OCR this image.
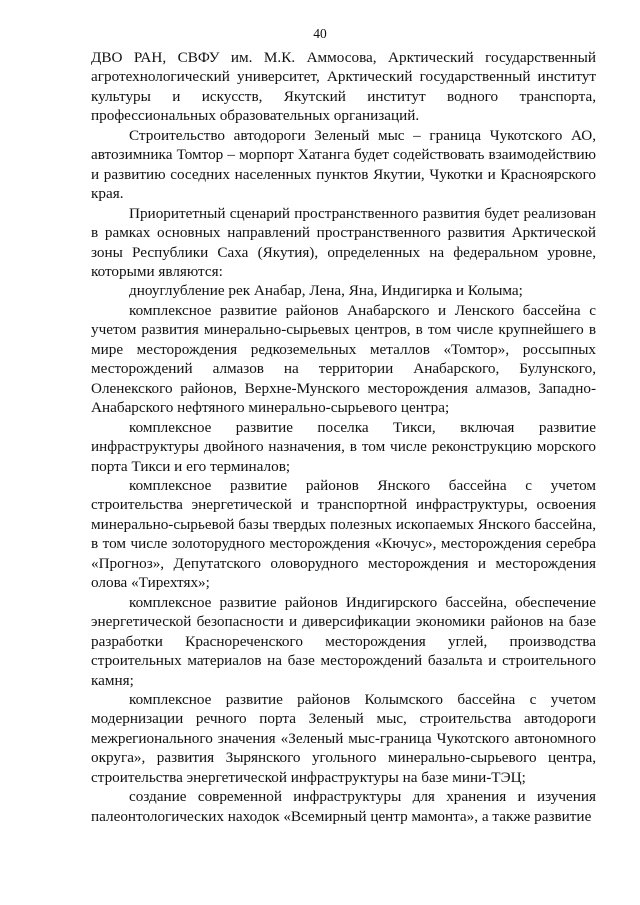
40

ДВО РАН, СВФУ им. М.К. Аммосова, Арктический государственный агротехнологический университет, Арктический государственный институт культуры и искусств, Якутский институт водного транспорта, профессиональных образовательных организаций.

Строительство автодороги Зеленый мыс – граница Чукотского АО, автозимника Томтор – морпорт Хатанга будет содействовать взаимодействию и развитию соседних населенных пунктов Якутии, Чукотки и Красноярского края.

Приоритетный сценарий пространственного развития будет реализован в рамках основных направлений пространственного развития Арктической зоны Республики Саха (Якутия), определенных на федеральном уровне, которыми являются:

дноуглубление рек Анабар, Лена, Яна, Индигирка и Колыма;

комплексное развитие районов Анабарского и Ленского бассейна с учетом развития минерально-сырьевых центров, в том числе крупнейшего в мире месторождения редкоземельных металлов «Томтор», россыпных месторождений алмазов на территории Анабарского, Булунского, Оленекского районов, Верхне-Мунского месторождения алмазов, Западно-Анабарского нефтяного минерально-сырьевого центра;

комплексное развитие поселка Тикси, включая развитие инфраструктуры двойного назначения, в том числе реконструкцию морского порта Тикси и его терминалов;

комплексное развитие районов Янского бассейна с учетом строительства энергетической и транспортной инфраструктуры, освоения минерально-сырьевой базы твердых полезных ископаемых Янского бассейна, в том числе золоторудного месторождения «Кючус», месторождения серебра «Прогноз», Депутатского оловорудного месторождения и месторождения олова «Тирехтях»;

комплексное развитие районов Индигирского бассейна, обеспечение энергетической безопасности и диверсификации экономики районов на базе разработки Краснореченского месторождения углей, производства строительных материалов на базе месторождений базальта и строительного камня;

комплексное развитие районов Колымского бассейна с учетом модернизации речного порта Зеленый мыс, строительства автодороги межрегионального значения «Зеленый мыс-граница Чукотского автономного округа», развития Зырянского угольного минерально-сырьевого центра, строительства энергетической инфраструктуры на базе мини-ТЭЦ;

создание современной инфраструктуры для хранения и изучения палеонтологических находок «Всемирный центр мамонта», а также развитие
